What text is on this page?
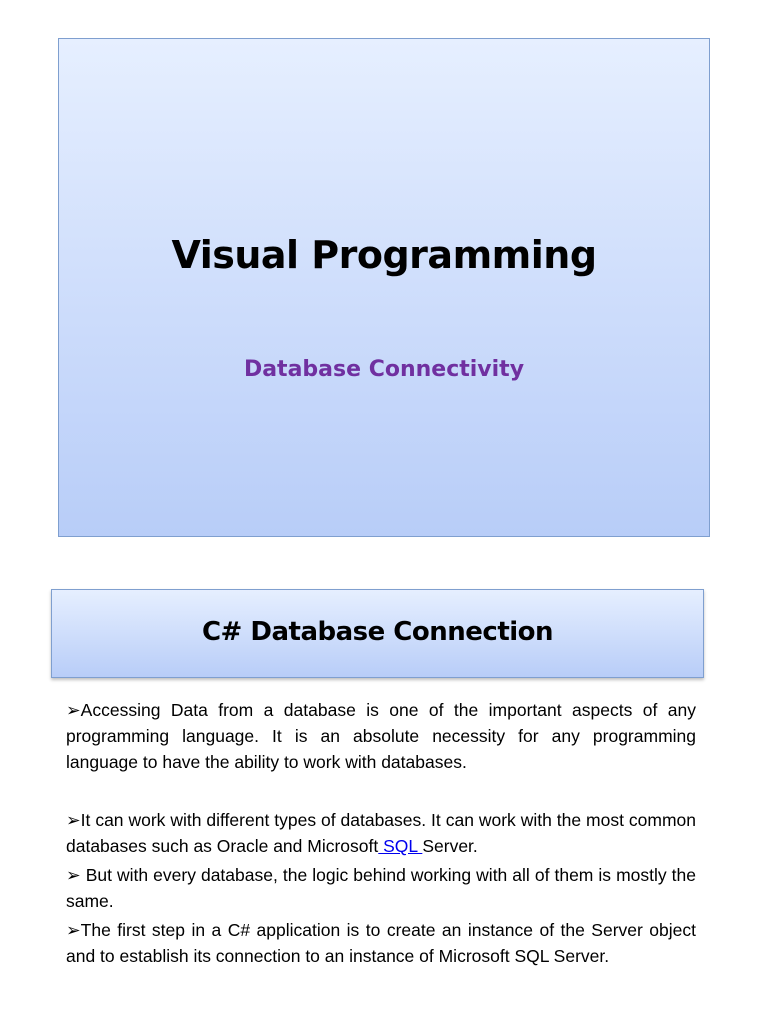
Visual Programming
Database Connectivity
C# Database Connection

➢Accessing Data from a database is one of the important aspects of any programming language. It is an absolute necessity for any programming language to have the ability to work with databases.

➢It can work with different types of databases. It can work with the most common databases such as Oracle and Microsoft SQL Server.

➢ But with every database, the logic behind working with all of them is mostly the same.

➢The first step in a C# application is to create an instance of the Server object and to establish its connection to an instance of Microsoft SQL Server.
